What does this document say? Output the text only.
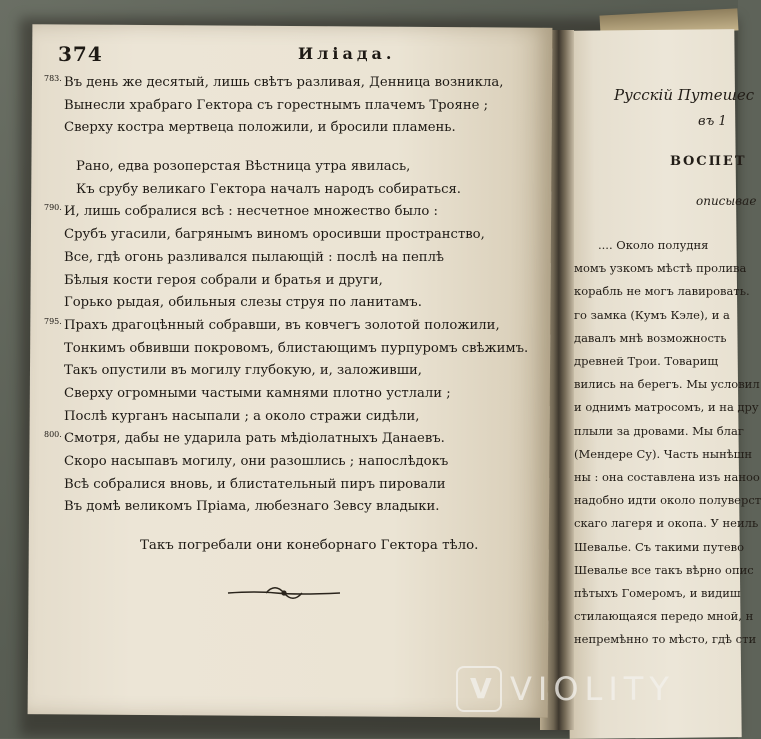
374	Иліада.
783. Въ день же десятый, лишь свѣтъ разливая, Денница возникла,
Вынесли храбраго Гектора съ горестнымъ плачемъ Трояне ;
Сверху костра мертвеца положили, и бросили пламень.
Рано, едва розоперстая Вѣстница утра явилась,
Къ срубу великаго Гектора началъ народъ собираться.
790. И, лишь собралися всѣ : несчетное множество было :
Срубъ угасили, багрянымъ виномъ оросивши пространство,
Все, гдѣ огонь разливался пылающій : послѣ на пеплѣ
Бѣлыя кости героя собрали и братья и други,
Горько рыдая, обильныя слезы струя по ланитамъ.
795. Прахъ драгоцѣнный собравши, въ ковчегъ золотой положили,
Тонкимъ обвивши покровомъ, блистающимъ пурпуромъ свѣжимъ.
Такъ опустили въ могилу глубокую, и, заложивши,
Сверху огромными частыми камнями плотно устлали ;
Послѣ курганъ насыпали ; а около стражи сидѣли,
800. Смотря, дабы не ударила рать мѣдіолатныхъ Данаевъ.
Скоро насыпавъ могилу, они разошлись ; напослѣдокъ
Всѣ собралися вновь, и блистательный пиръ пировали
Въ домѣ великомъ Пріама, любезнаго Зевсу владыки.
Такъ погребали они конеборнаго Гектора тѣло.
Русскій Путешес
въ 1
ВОСПЕТ
описывае
.... Около полудня
момъ узкомъ мѣстѣ пролива
корабль не могъ лавировать.
го замка (Кумъ Кэле), и а
давалъ мнѣ возможность
древней Трои. Товарищ
вились на берегъ. Мы условил
и однимъ матросомъ, и на дру
плыли за дровами. Мы благ
(Мендере Су). Часть нынѣшн
ны : она составлена изъ наноо
надобно идти около полуверст
скаго лагеря и окопа. У неиль
Шевалье. Съ такими путево
Шевалье все такъ вѣрно опис
пѣтыхъ Гомеромъ, и видиш
стилающаяся передо мной, н
непремѣнно то мѣсто, гдѣ сти
V VIOLITY
